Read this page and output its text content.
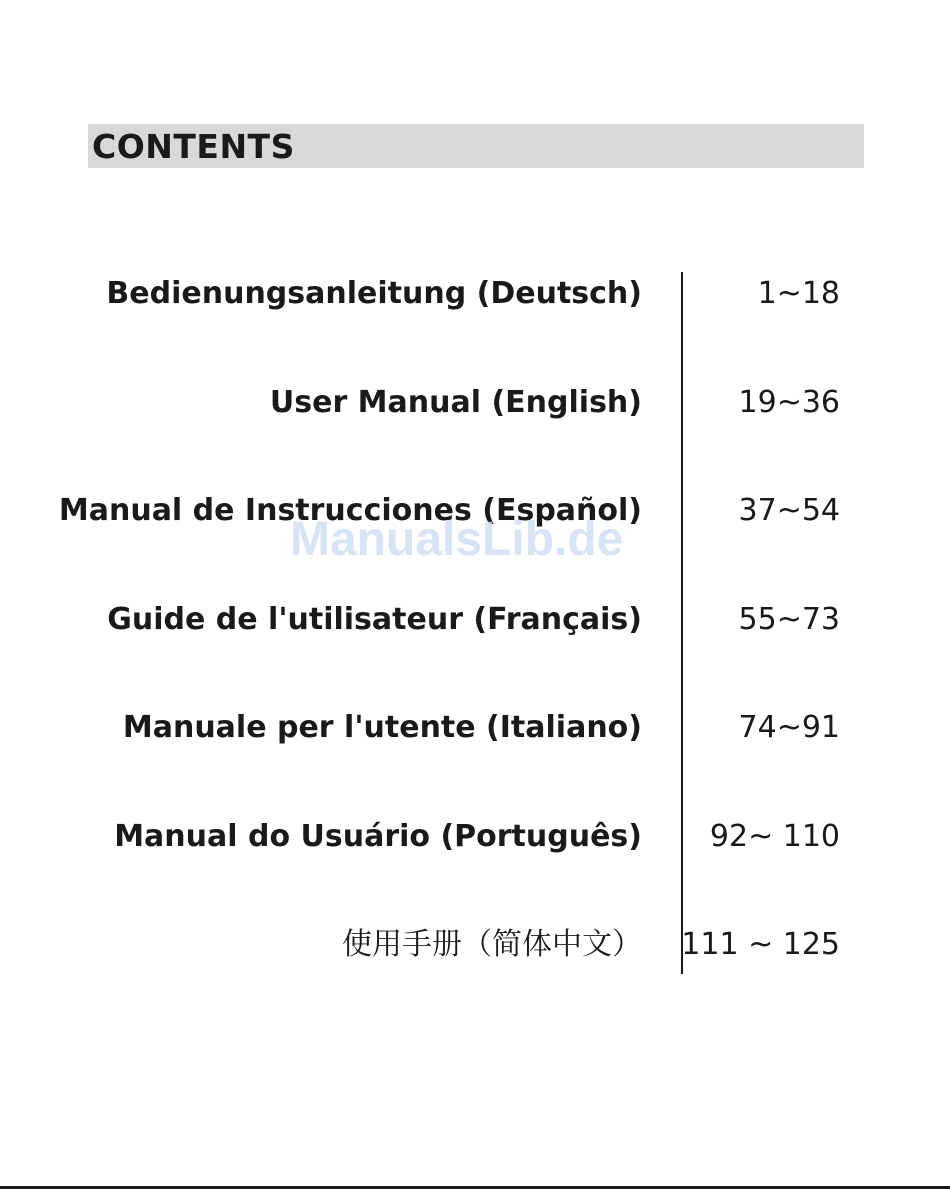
CONTENTS
Bedienungsanleitung (Deutsch)	1~18
User Manual (English)	19~36
Manual de Instrucciones (Español)	37~54
Guide de l'utilisateur (Français)	55~73
Manuale per l'utente (Italiano)	74~91
Manual do Usuário (Português) 92~ 110
使用手册（简体中文） 111 ~ 125
ManualsLib.de
